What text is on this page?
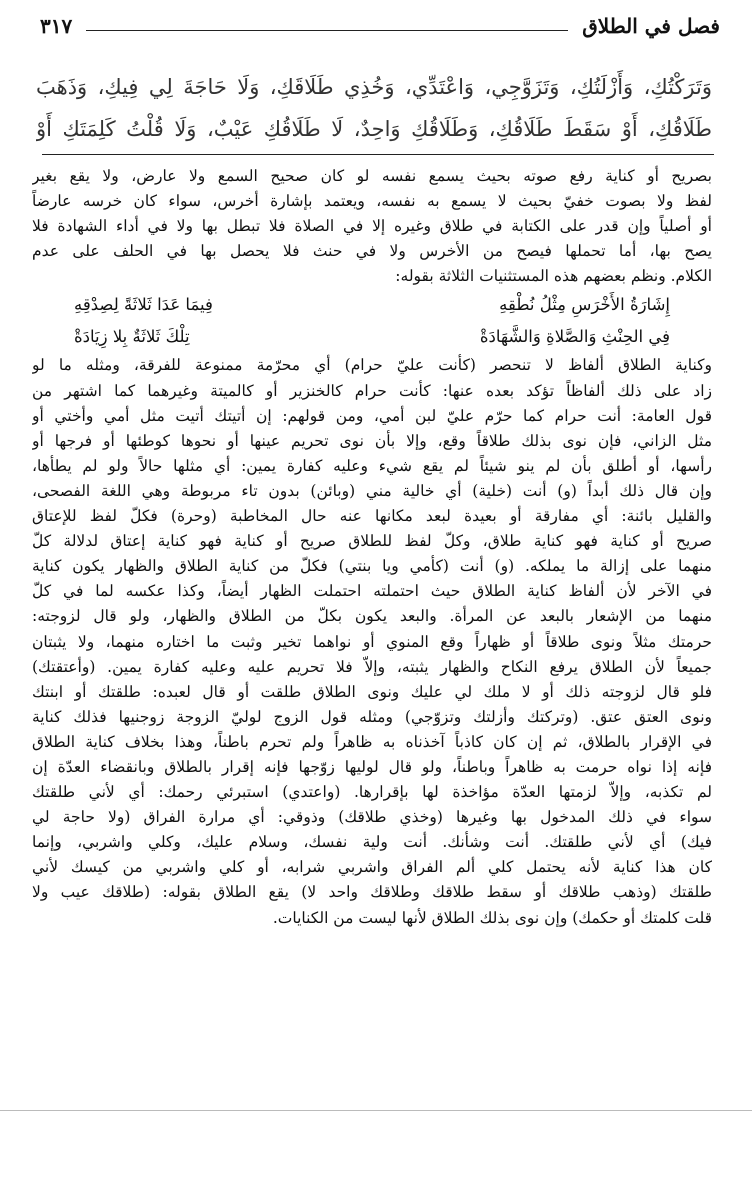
فصل في الطلاق
٣١٧
وَتَرَكْتُكِ، وَأَزْلَتُكِ، وَتَزَوَّجِي، وَاعْتَدِّي، وَخُذِي طَلَاقَكِ، وَلَا حَاجَةَ لِي فِيكِ، وَذَهَبَ
طَلَاقُكِ، أَوْ سَقَطَ طَلَاقُكِ، وَطَلَاقُكِ وَاحِدٌ، لَا طَلَاقُكِ عَيْبٌ، وَلَا قُلْتُ كَلِمَتَكِ أَوْ
بصريح أو كناية رفع صوته بحيث يسمع نفسه لو كان صحيح السمع ولا عارض، ولا يقع بغير
لفظ ولا بصوت خفيّ بحيث لا يسمع به نفسه، ويعتمد بإشارة أخرس، سواء كان خرسه عارضاً
أو أصلياً وإن قدر على الكتابة في طلاق وغيره إلا في الصلاة فلا تبطل بها ولا في أداء الشهادة فلا
يصح بها، أما تحملها فيصح من الأخرس ولا في حنث فلا يحصل بها في الحلف على عدم
الكلام. ونظم بعضهم هذه المستثنيات الثلاثة بقوله:
إِشَارَةُ الأَخْرَسِ مِثْلُ نُطْقِهِ
فِيمَا عَدَا ثَلاثَةً لِصِدْقِهِ
فِي الحِنْثِ وَالصَّلاةِ وَالشَّهَادَةْ
تِلْكَ ثَلاثَةٌ بِلا زِيَادَةْ
وكناية الطلاق ألفاظ لا تنحصر (كأنت عليّ حرام) أي محرّمة ممنوعة للفرقة، ومثله ما لو
زاد على ذلك ألفاظاً تؤكد بعده عنها: كأنت حرام كالخنزير أو كالميتة وغيرهما كما اشتهر من
قول العامة: أنت حرام كما حرّم عليّ لبن أمي، ومن قولهم: إن أتيتك أتيت مثل أمي وأختي أو
مثل الزاني، فإن نوى بذلك طلاقاً وقع، وإلا بأن نوى تحريم عينها أو نحوها كوطئها أو فرجها أو
رأسها، أو أطلق بأن لم ينو شيئاً لم يقع شيء وعليه كفارة يمين: أي مثلها حالاً ولو لم يطأها،
وإن قال ذلك أبداً (و) أنت (خلية) أي خالية مني (وبائن) بدون تاء مربوطة وهي اللغة الفصحى،
والقليل بائنة: أي مفارقة أو بعيدة لبعد مكانها عنه حال المخاطبة (وحرة) فكلّ لفظ للإعتاق
صريح أو كناية فهو كناية طلاق، وكلّ لفظ للطلاق صريح أو كناية فهو كناية إعتاق لدلالة كلّ
منهما على إزالة ما يملكه. (و) أنت (كأمي ويا بنتي) فكلّ من كناية الطلاق والظهار يكون كناية
في الآخر لأن ألفاظ كناية الطلاق حيث احتملته احتملت الظهار أيضاً، وكذا عكسه لما في كلّ
منهما من الإشعار بالبعد عن المرأة. والبعد يكون بكلّ من الطلاق والظهار، ولو قال لزوجته:
حرمتك مثلاً ونوى طلاقاً أو ظهاراً وقع المنوي أو نواهما تخير وثبت ما اختاره منهما، ولا يثبتان
جميعاً لأن الطلاق يرفع النكاح والظهار يثبته، وإلاّ فلا تحريم عليه وعليه كفارة يمين. (وأعتقتك)
فلو قال لزوجته ذلك أو لا ملك لي عليك ونوى الطلاق طلقت أو قال لعبده: طلقتك أو ابنتك
ونوى العتق عتق. (وتركتك وأزلتك وتزوّجي) ومثله قول الزوج لوليّ الزوجة زوجنيها فذلك كناية
في الإقرار بالطلاق، ثم إن كان كاذباً آخذناه به ظاهراً ولم تحرم باطناً، وهذا بخلاف كناية الطلاق
فإنه إذا نواه حرمت به ظاهراً وباطناً، ولو قال لوليها زوّجها فإنه إقرار بالطلاق وبانقضاء العدّة إن
لم تكذبه، وإلاّ لزمتها العدّة مؤاخذة لها بإقرارها. (واعتدي) استبرئي رحمك: أي لأني طلقتك
سواء في ذلك المدخول بها وغيرها (وخذي طلاقك) وذوقي: أي مرارة الفراق (ولا حاجة لي
فيك) أي لأني طلقتك. أنت وشأنك. أنت ولية نفسك، وسلام عليك، وكلي واشربي، وإنما
كان هذا كناية لأنه يحتمل كلي ألم الفراق واشربي شرابه، أو كلي واشربي من كيسك لأني
طلقتك (وذهب طلاقك أو سقط طلاقك وطلاقك واحد لا) يقع الطلاق بقوله: (طلاقك عيب ولا
قلت كلمتك أو حكمك) وإن نوى بذلك الطلاق لأنها ليست من الكنايات.
